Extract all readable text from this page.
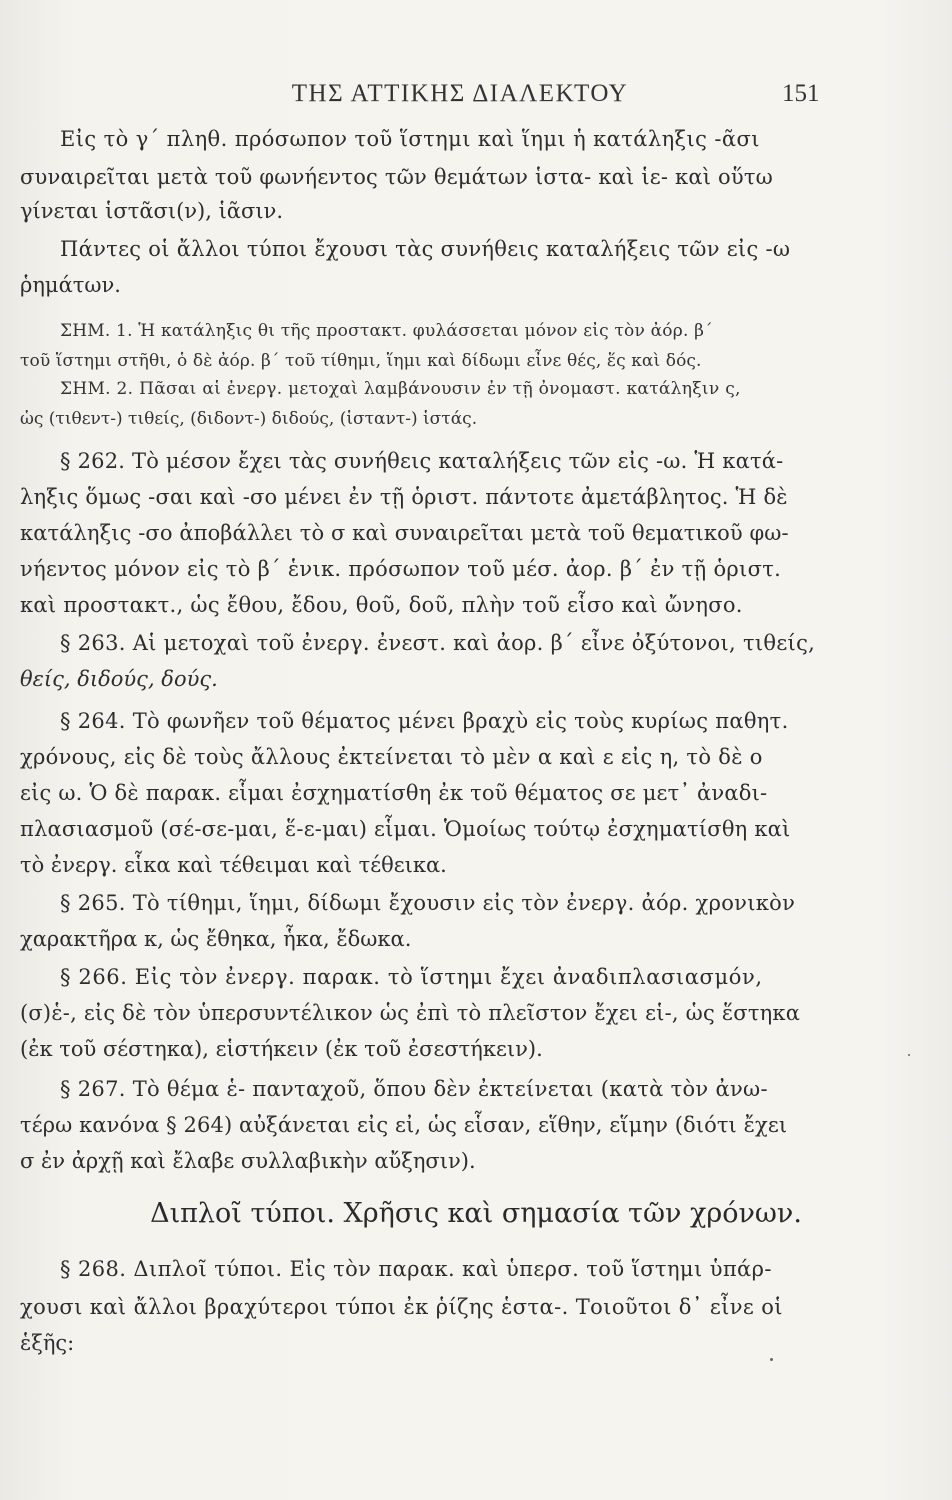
ΤΗΣ ΑΤΤΙΚΗΣ ΔΙΑΛΕΚΤΟΥ	151
Εἰς τὸ γ΄ πληθ. πρόσωπον τοῦ ἵστημι καὶ ἵημι ἡ κατάληξις -ᾶσι
συναιρεῖται μετὰ τοῦ φωνήεντος τῶν θεμάτων ἱστα- καὶ ἱε- καὶ οὕτω
γίνεται ἱστᾶσι(ν), ἱᾶσιν.
Πάντες οἱ ἄλλοι τύποι ἔχουσι τὰς συνήθεις καταλήξεις τῶν εἰς -ω
ῥημάτων.
ΣΗΜ. 1. Ἡ κατάληξις θι τῆς προστακτ. φυλάσσεται μόνον εἰς τὸν ἀόρ. β΄
τοῦ ἵστημι στῆθι, ὁ δὲ ἀόρ. β΄ τοῦ τίθημι, ἵημι καὶ δίδωμι εἶνε θές, ἕς καὶ δός.
ΣΗΜ. 2. Πᾶσαι αἱ ἐνεργ. μετοχαὶ λαμβάνουσιν ἐν τῇ ὀνομαστ. κατάληξιν ς,
ὡς (τιθεντ-) τιθείς, (διδοντ-) διδούς, (ἱσταντ-) ἱστάς.
§ 262. Τὸ μέσον ἔχει τὰς συνήθεις καταλήξεις τῶν εἰς -ω. Ἡ κατά-
ληξις ὅμως -σαι καὶ -σο μένει ἐν τῇ ὁριστ. πάντοτε ἀμετάβλητος. Ἡ δὲ
κατάληξις -σο ἀποβάλλει τὸ σ καὶ συναιρεῖται μετὰ τοῦ θεματικοῦ φω-
νήεντος μόνον εἰς τὸ β΄ ἑνικ. πρόσωπον τοῦ μέσ. ἀορ. β΄ ἐν τῇ ὁριστ.
καὶ προστακτ., ὡς ἔθου, ἔδου, θοῦ, δοῦ, πλὴν τοῦ εἷσο καὶ ὤνησο.
§ 263. Αἱ μετοχαὶ τοῦ ἐνεργ. ἐνεστ. καὶ ἀορ. β΄ εἶνε ὀξύτονοι, τιθείς,
θείς, διδούς, δούς.
§ 264. Τὸ φωνῆεν τοῦ θέματος μένει βραχὺ εἰς τοὺς κυρίως παθητ.
χρόνους, εἰς δὲ τοὺς ἄλλους ἐκτείνεται τὸ μὲν α καὶ ε εἰς η, τὸ δὲ ο
εἰς ω. Ὁ δὲ παρακ. εἷμαι ἐσχηματίσθη ἐκ τοῦ θέματος σε μετ᾽ ἀναδι-
πλασιασμοῦ (σέ-σε-μαι, ἕ-ε-μαι) εἷμαι. Ὁμοίως τούτῳ ἐσχηματίσθη καὶ
τὸ ἐνεργ. εἷκα καὶ τέθειμαι καὶ τέθεικα.
§ 265. Τὸ τίθημι, ἵημι, δίδωμι ἔχουσιν εἰς τὸν ἐνεργ. ἀόρ. χρονικὸν
χαρακτῆρα κ, ὡς ἔθηκα, ἧκα, ἔδωκα.
§ 266. Εἰς τὸν ἐνεργ. παρακ. τὸ ἵστημι ἔχει ἀναδιπλασιασμόν,
(σ)ἑ-, εἰς δὲ τὸν ὑπερσυντέλικον ὡς ἐπὶ τὸ πλεῖστον ἔχει εἱ-, ὡς ἕστηκα
(ἐκ τοῦ σέστηκα), εἱστήκειν (ἐκ τοῦ ἐσεστήκειν).
§ 267. Τὸ θέμα ἑ- πανταχοῦ, ὅπου δὲν ἐκτείνεται (κατὰ τὸν ἀνω-
τέρω κανόνα § 264) αὐξάνεται εἰς εἰ, ὡς εἷσαν, εἵθην, εἵμην (διότι ἔχει
σ ἐν ἀρχῇ καὶ ἔλαβε συλλαβικὴν αὔξησιν).
Διπλοῖ τύποι. Χρῆσις καὶ σημασία τῶν χρόνων.
§ 268. Διπλοῖ τύποι. Εἰς τὸν παρακ. καὶ ὑπερσ. τοῦ ἵστημι ὑπάρ-
χουσι καὶ ἄλλοι βραχύτεροι τύποι ἐκ ῥίζης ἑστα-. Τοιοῦτοι δ᾽ εἶνε οἱ
ἑξῆς:
